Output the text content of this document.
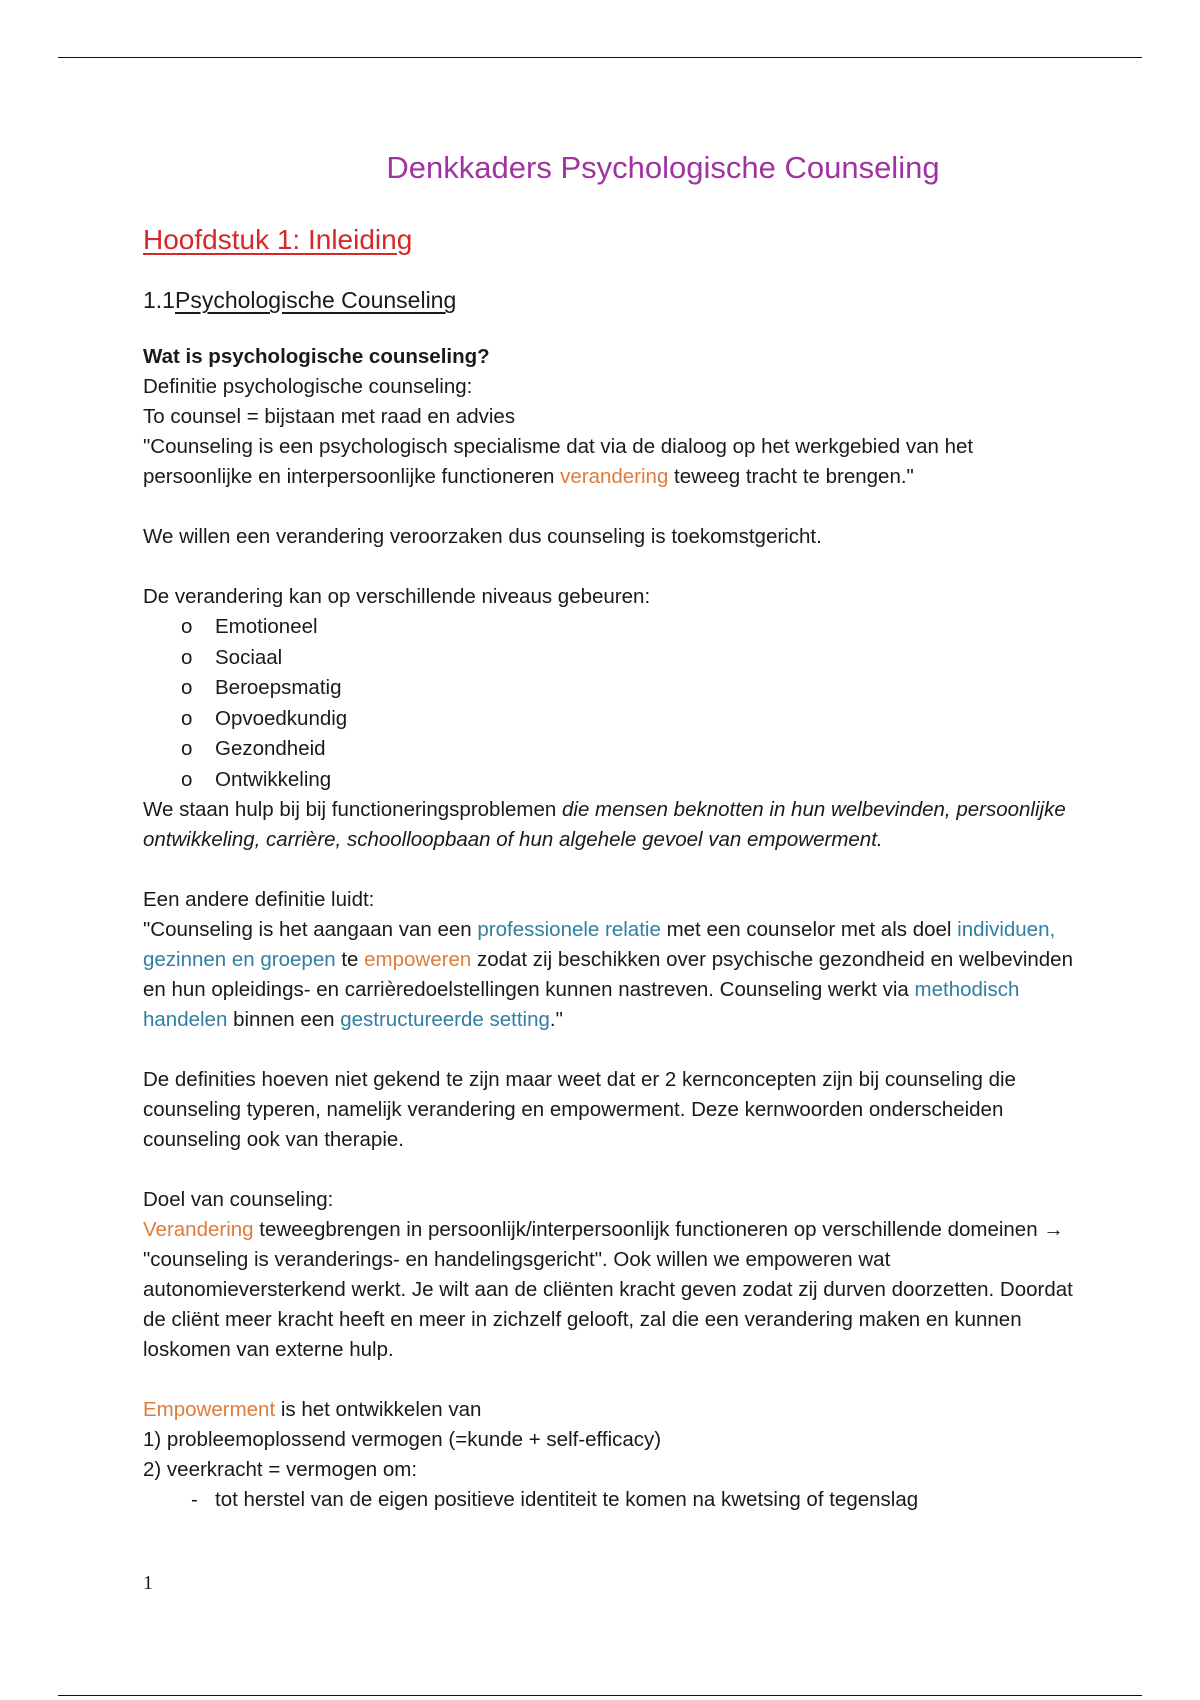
Denkkaders Psychologische Counseling
Hoofdstuk 1: Inleiding
1.1Psychologische Counseling

Wat is psychologische counseling?

Definitie psychologische counseling:

To counsel = bijstaan met raad en advies

"Counseling is een psychologisch specialisme dat via de dialoog op het werkgebied van het persoonlijke en interpersoonlijke functioneren verandering teweeg tracht te brengen."

We willen een verandering veroorzaken dus counseling is toekomstgericht.

De verandering kan op verschillende niveaus gebeuren:

o	Emotioneel
o	Sociaal
o	Beroepsmatig
o	Opvoedkundig
o	Gezondheid
o	Ontwikkeling

We staan hulp bij bij functioneringsproblemen die mensen beknotten in hun welbevinden, persoonlijke ontwikkeling, carrière, schoolloopbaan of hun algehele gevoel van empowerment.

Een andere definitie luidt:

"Counseling is het aangaan van een professionele relatie met een counselor met als doel individuen, gezinnen en groepen te empoweren zodat zij beschikken over psychische gezondheid en welbevinden en hun opleidings- en carrièredoelstellingen kunnen nastreven. Counseling werkt via methodisch handelen binnen een gestructureerde setting."

De definities hoeven niet gekend te zijn maar weet dat er 2 kernconcepten zijn bij counseling die counseling typeren, namelijk verandering en empowerment. Deze kernwoorden onderscheiden counseling ook van therapie.

Doel van counseling:

Verandering teweegbrengen in persoonlijk/interpersoonlijk functioneren op verschillende domeinen → "counseling is veranderings- en handelingsgericht". Ook willen we empoweren wat autonomieversterkend werkt. Je wilt aan de cliënten kracht geven zodat zij durven doorzetten. Doordat de cliënt meer kracht heeft en meer in zichzelf gelooft, zal die een verandering maken en kunnen loskomen van externe hulp.

Empowerment is het ontwikkelen van

1) probleemoplossend vermogen (=kunde + self-efficacy)

2) veerkracht = vermogen om:

- tot herstel van de eigen positieve identiteit te komen na kwetsing of tegenslag
1
